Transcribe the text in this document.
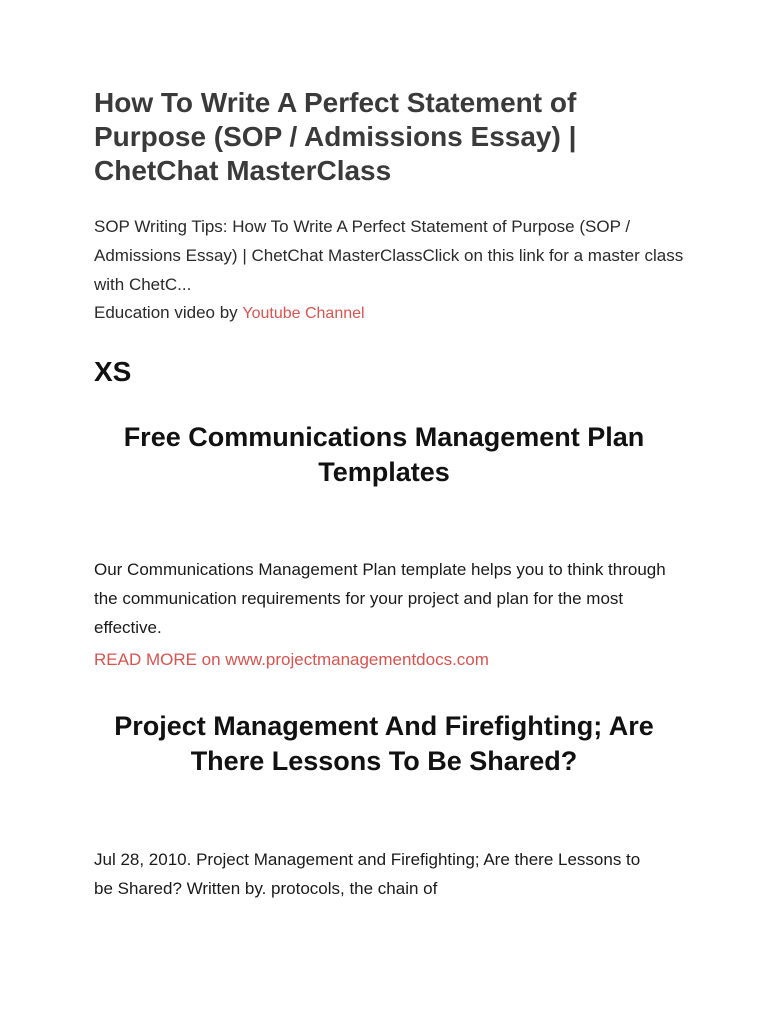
How To Write A Perfect Statement of Purpose (SOP / Admissions Essay) | ChetChat MasterClass

SOP Writing Tips: How To Write A Perfect Statement of Purpose (SOP / Admissions Essay) | ChetChat MasterClassClick on this link for a master class with ChetC...

Education video by Youtube Channel

XS
Free Communications Management Plan Templates

Our Communications Management Plan template helps you to think through the communication requirements for your project and plan for the most effective.

READ MORE on www.projectmanagementdocs.com

Project Management And Firefighting; Are There Lessons To Be Shared?

Jul 28, 2010. Project Management and Firefighting; Are there Lessons to be Shared? Written by. protocols, the chain of
